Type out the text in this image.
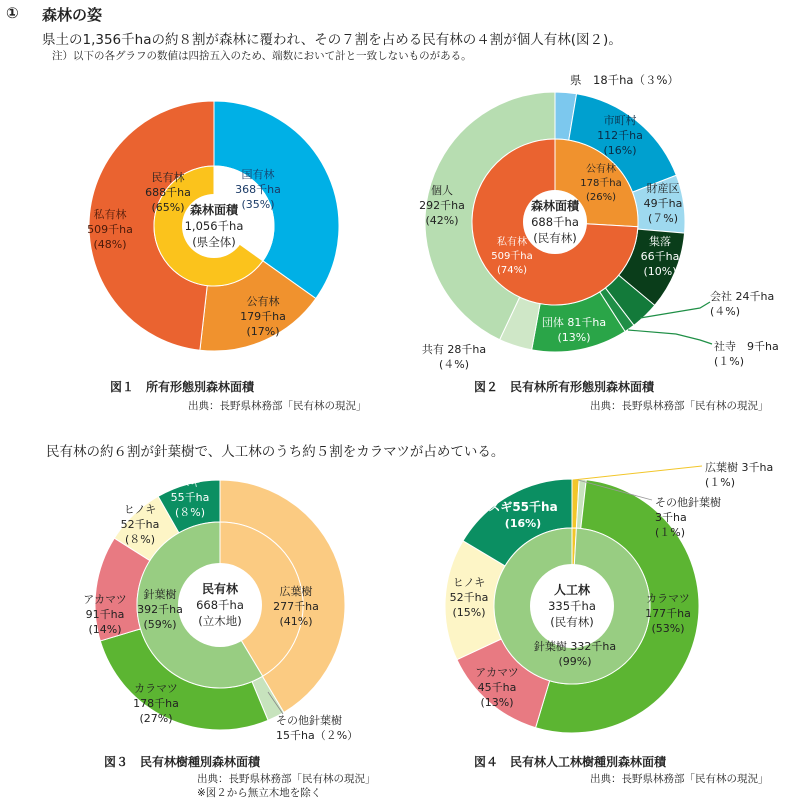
① 森林の姿
県土の1,356千haの約８割が森林に覆われ、その７割を占める民有林の４割が個人有林(図２)。
注）以下の各グラフの数値は四捨五入のため、端数において計と一致しないものがある。
民有林の約６割が針葉樹で、人工林のうち約５割をカラマツが占めている。
図１　所有形態別森林面積
出典：長野県林務部「民有林の現況」
図２　民有林所有形態別森林面積
出典：長野県林務部「民有林の現況」
図３　民有林樹種別森林面積
出典：長野県林務部「民有林の現況」
※図２から無立木地を除く
図４　民有林人工林樹種別森林面積
出典：長野県林務部「民有林の現況」
森林面積
1,056千ha
(県全体)
国有林
368千ha
(35%)
公有林
179千ha
(17%)
私有林
509千ha
(48%)
民有林
688千ha
(65%)	森林面積
688千ha
(民有林)
県　18千ha（３%）
市町村
112千ha
(16%)
財産区
49千ha
(７%)
集落
66千ha
(10%)
会社 24千ha
(４%)
社寺　9千ha
(１%)
団体 81千ha
(13%)
共有 28千ha
(４%)
個人
292千ha
(42%)
公有林
178千ha
(26%)
私有林
509千ha
(74%)
民有林
668千ha
(立木地)
広葉樹
277千ha
(41%)
その他針葉樹
15千ha（２%）
カラマツ
178千ha
(27%)
アカマツ
91千ha
(14%)
ヒノキ
52千ha
(８%)
スギ
55千ha
(８%)
針葉樹
392千ha
(59%)
人工林
335千ha
(民有林)
広葉樹 3千ha
(１%)
その他針葉樹
3千ha
(１%)
カラマツ
177千ha
(53%)
アカマツ
45千ha
(13%)
ヒノキ
52千ha
(15%)
スギ55千ha
(16%)
針葉樹 332千ha
(99%)
